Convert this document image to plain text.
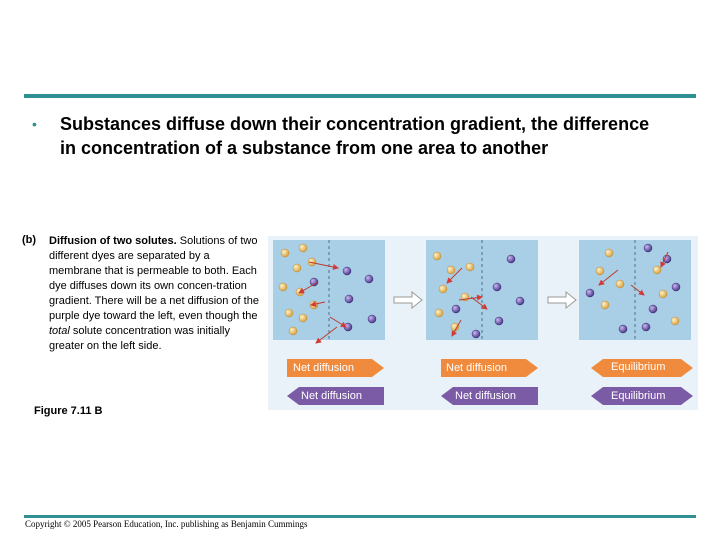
• Substances diffuse down their concentration gradient, the difference in concentration of a substance from one area to another
(b) Diffusion of two solutes. Solutions of two different dyes are separated by a membrane that is permeable to both. Each dye diffuses down its own concen-tration gradient. There will be a net diffusion of the purple dye toward the left, even though the total solute concentration was initially greater on the left side.
Figure 7.11 B
Net diffusion
Net diffusion
Net diffusion
Net diffusion
Equilibrium
Equilibrium
Copyright © 2005 Pearson Education, Inc. publishing as Benjamin Cummings
